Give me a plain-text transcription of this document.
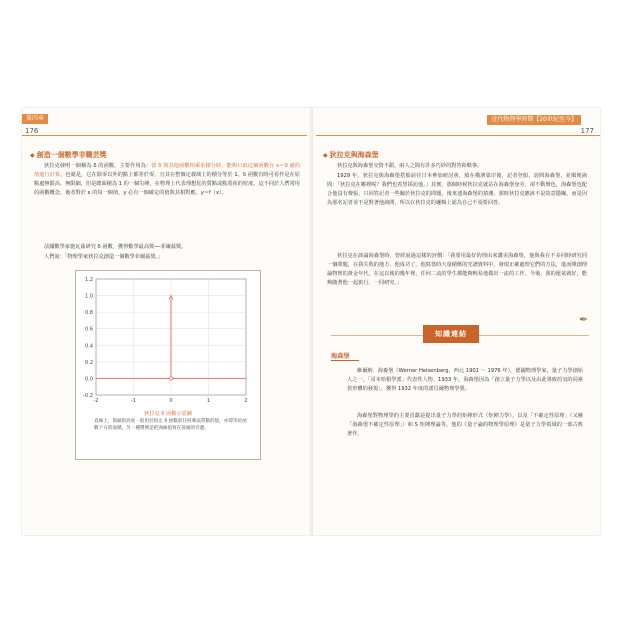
第四章
176
◆ 創造一個數學非職芸獎

狄拉克發明一個稱為 δ 的函數，主要作用為：當 δ 與其他函數相乘求積分時，能夠只取這個函數在 x＝0 處的值進行計算，也就是，它在除零以外的點上都等於零，且其在整個定義域上的積分等於 1。δ 函數有時可看作是在原點處無限高、無限細，但是總面積為 1 的一個尖峰，在物理上代表理想化的質點或點電荷的密度。這不同於人們常用的函數概念，後者對於 x 的每一個值，y 必有一個確定的值與其相對應，y＝f（x）。

法國數學家施瓦茲研究 δ 函數，獲得數學最高獎──菲爾茲獎。

人們說：「物理學家狄拉克創造一個數學菲爾茲獎。」
1.2
1.0
0.8
0.6
0.4
0.2
0.0
-0.2
-2	-1	0	1	2
狄拉克 δ 函數示意圖

直線上，箭頭的高度一般用於指定 δ 函數前任何乘法常數的值，亦即等於函數下方的面積。另一種慣例是把曲線值寫在箭頭的旁邊。

近代物理學時期【20世紀至今】
177
◆ 狄拉克與海森堡

狄拉克與海森堡交情不錯，兩人之間有許多巧妙的對答和軼事。

1929 年，狄拉克與海森堡搭船前往日本參加研討會，船在橫濱靠岸後，記者登船，訪問海森堡，並順便詢問：「狄拉克在哪裡呢？我們也希望採訪他。」其實，那個時候狄拉克就站在海森堡身旁，卻不動聲色，海森堡也配合他沒有聲張，只回答記者一些關於狄拉克的問題，後來連海森堡的猜測，那時狄拉克應該不是故意隱瞞，而是因為那名記者並不是對著他詢問，所以在狄拉克的邏輯上認為自己不須要回答。

狄拉克在談論海森堡時，曾經說過這樣的評價：「我要用最好的理由來讚美海森堡，他與我在不多同時研究同一個問題，在我失敗的地方，他成功了。他寫當時大量積壓的光譜資料中，發現正確處理它們的方法，進而開創理論物理的黃金年代，在這以後的幾年裡，任何二流的學生都能夠輕易地做出一流的工作。今後，我的運氣就好，能夠隨著他一起旅行、一同研究。」

知識連結
✒
海森堡

維爾納．海森堡（Werner Heisenberg，西元 1901 ～ 1976 年），德國物理學家，量子力學創始人之一，「哥本哈根學派」代表性人物。1933 年，海森堡因為「創立量子力學以及由此導致的氫的同素異形體的發現」，獲得 1932 年度的諾貝爾物理學獎。

海森堡對物理學的主要貢獻是提出量子力學的矩陣形式（矩陣力學），以及「不確定性原理」（又稱「海森堡不確定性原理」）和 S 矩陣理論等。他的《量子論的物理學原理》是量子力學領域的一部古典著作。
